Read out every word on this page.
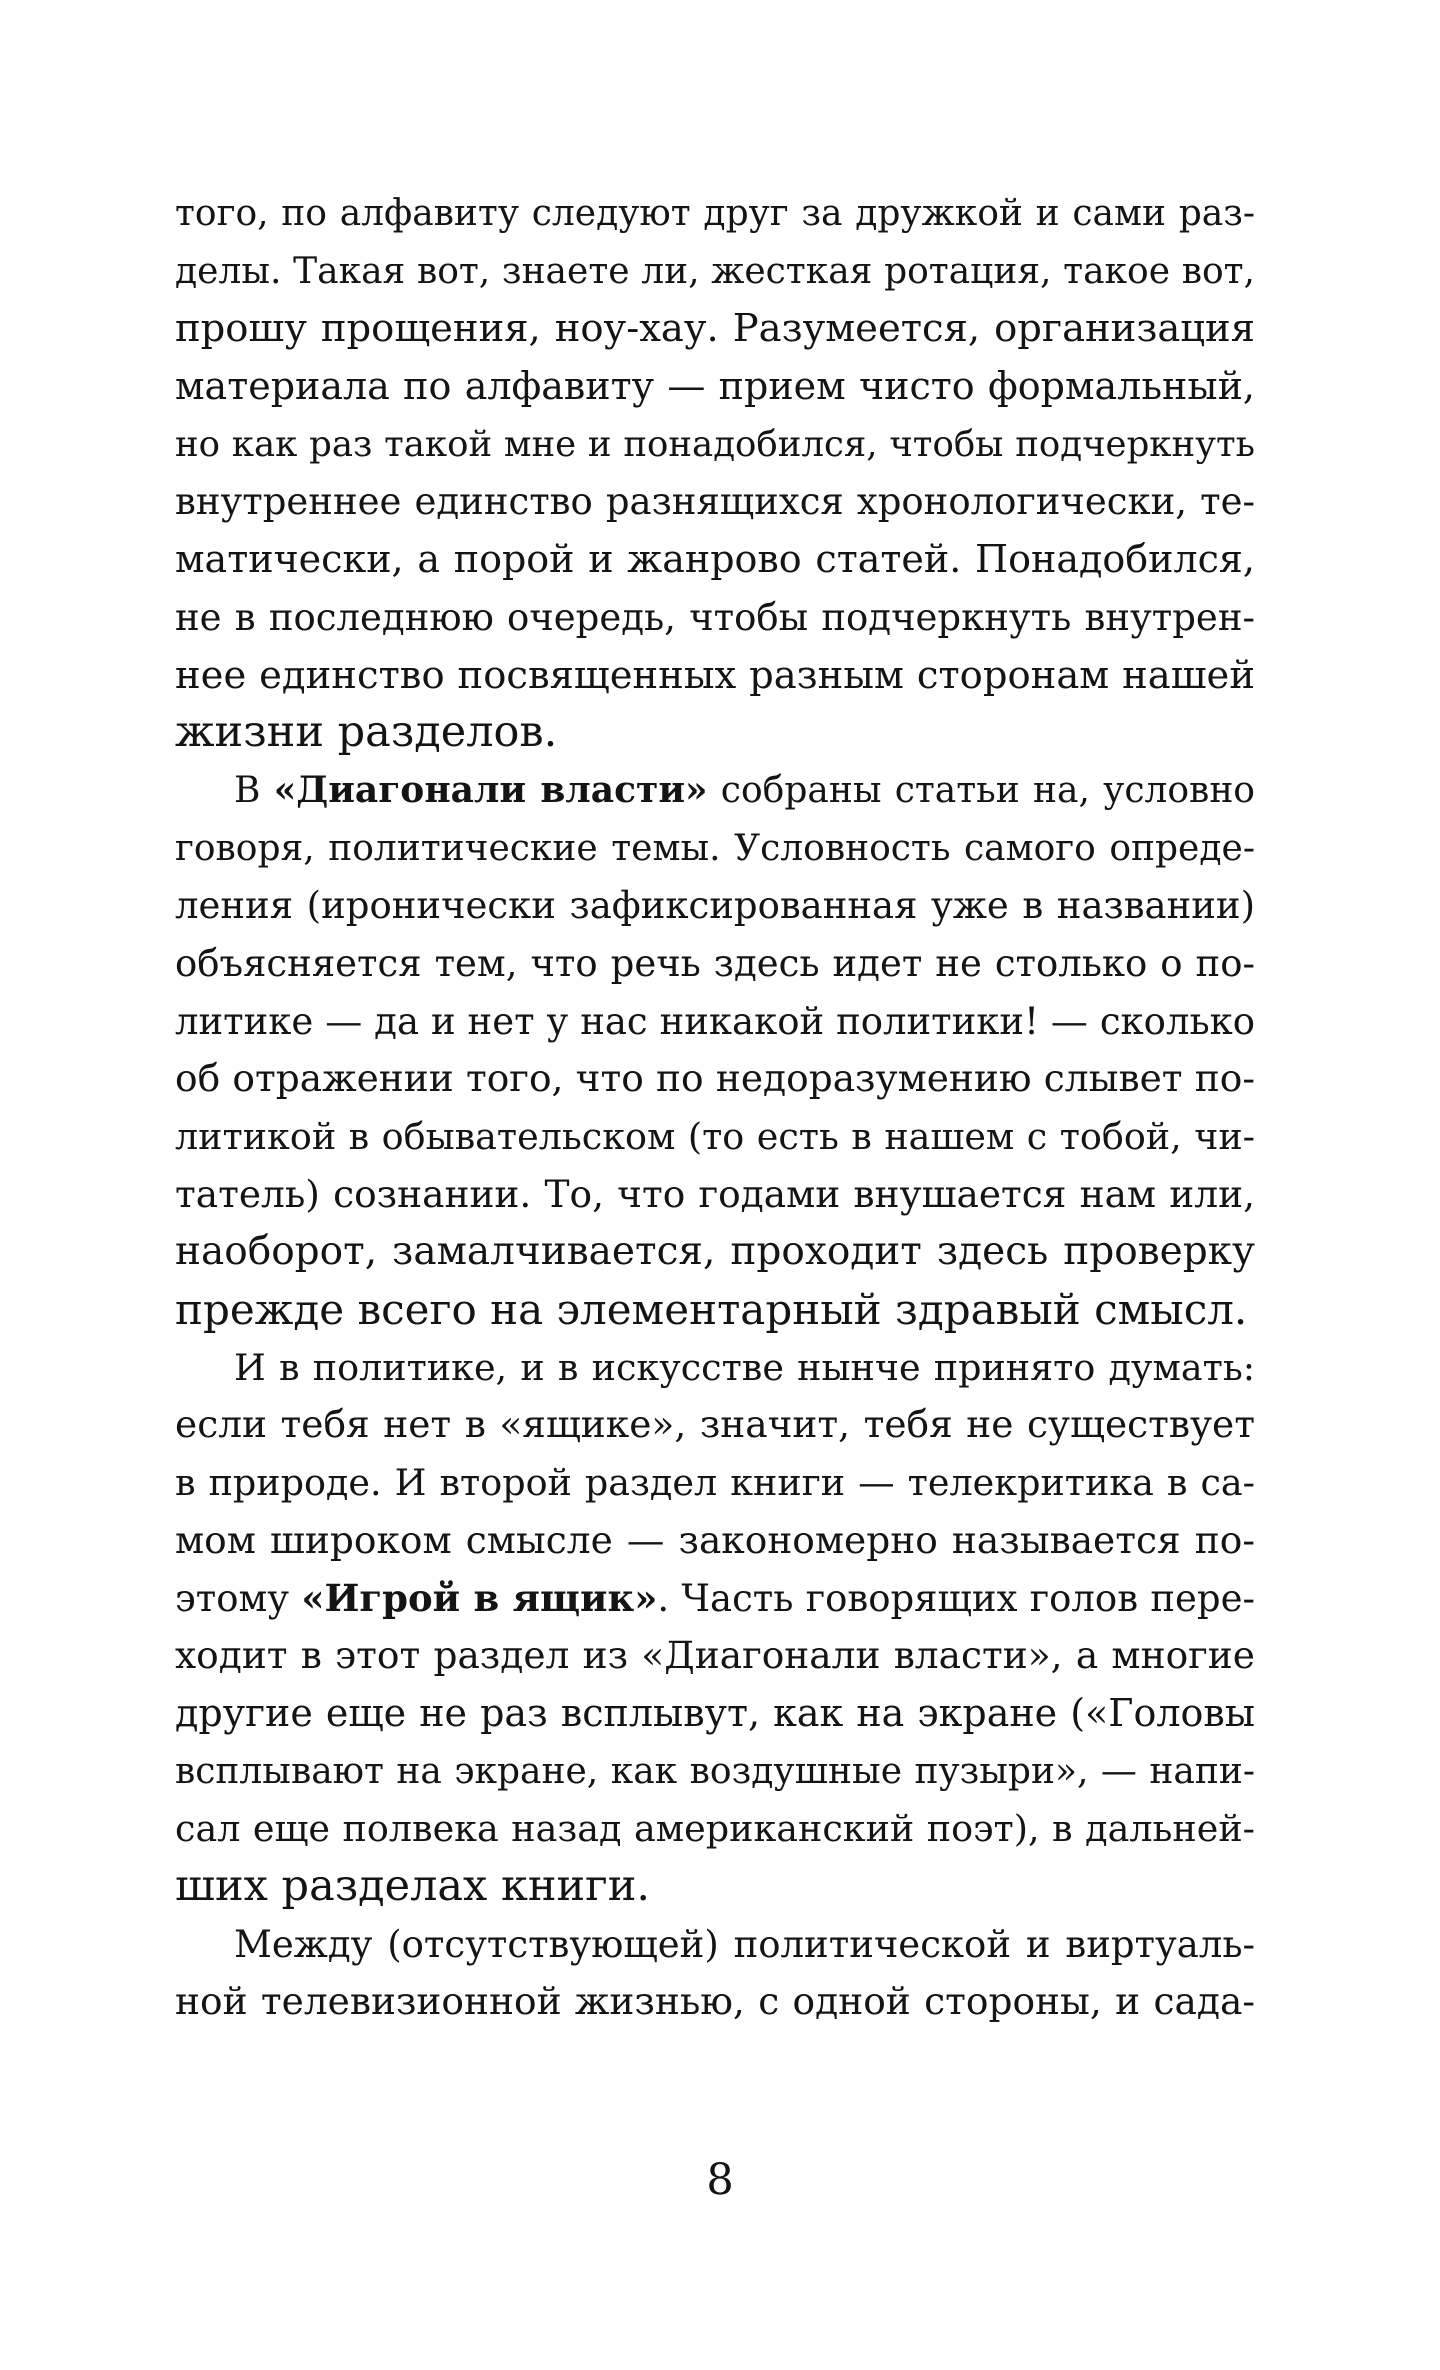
того, по алфавиту следуют друг за дружкой и сами раз-
делы. Такая вот, знаете ли, жесткая ротация, такое вот,
прошу прощения, ноу-хау. Разумеется, организация
материала по алфавиту — прием чисто формальный,
но как раз такой мне и понадобился, чтобы подчеркнуть
внутреннее единство разнящихся хронологически, те-
матически, а порой и жанрово статей. Понадобился,
не в последнюю очередь, чтобы подчеркнуть внутрен-
нее единство посвященных разным сторонам нашей
жизни разделов.
В «Диагонали власти» собраны статьи на, условно
говоря, политические темы. Условность самого опреде-
ления (иронически зафиксированная уже в названии)
объясняется тем, что речь здесь идет не столько о по-
литике — да и нет у нас никакой политики! — сколько
об отражении того, что по недоразумению слывет по-
литикой в обывательском (то есть в нашем с тобой, чи-
татель) сознании. То, что годами внушается нам или,
наоборот, замалчивается, проходит здесь проверку
прежде всего на элементарный здравый смысл.
И в политике, и в искусстве нынче принято думать:
если тебя нет в «ящике», значит, тебя не существует
в природе. И второй раздел книги — телекритика в са-
мом широком смысле — закономерно называется по-
этому «Игрой в ящик». Часть говорящих голов пере-
ходит в этот раздел из «Диагонали власти», а многие
другие еще не раз всплывут, как на экране («Головы
всплывают на экране, как воздушные пузыри», — напи-
сал еще полвека назад американский поэт), в дальней-
ших разделах книги.
Между (отсутствующей) политической и виртуаль-
ной телевизионной жизнью, с одной стороны, и сада-
8
